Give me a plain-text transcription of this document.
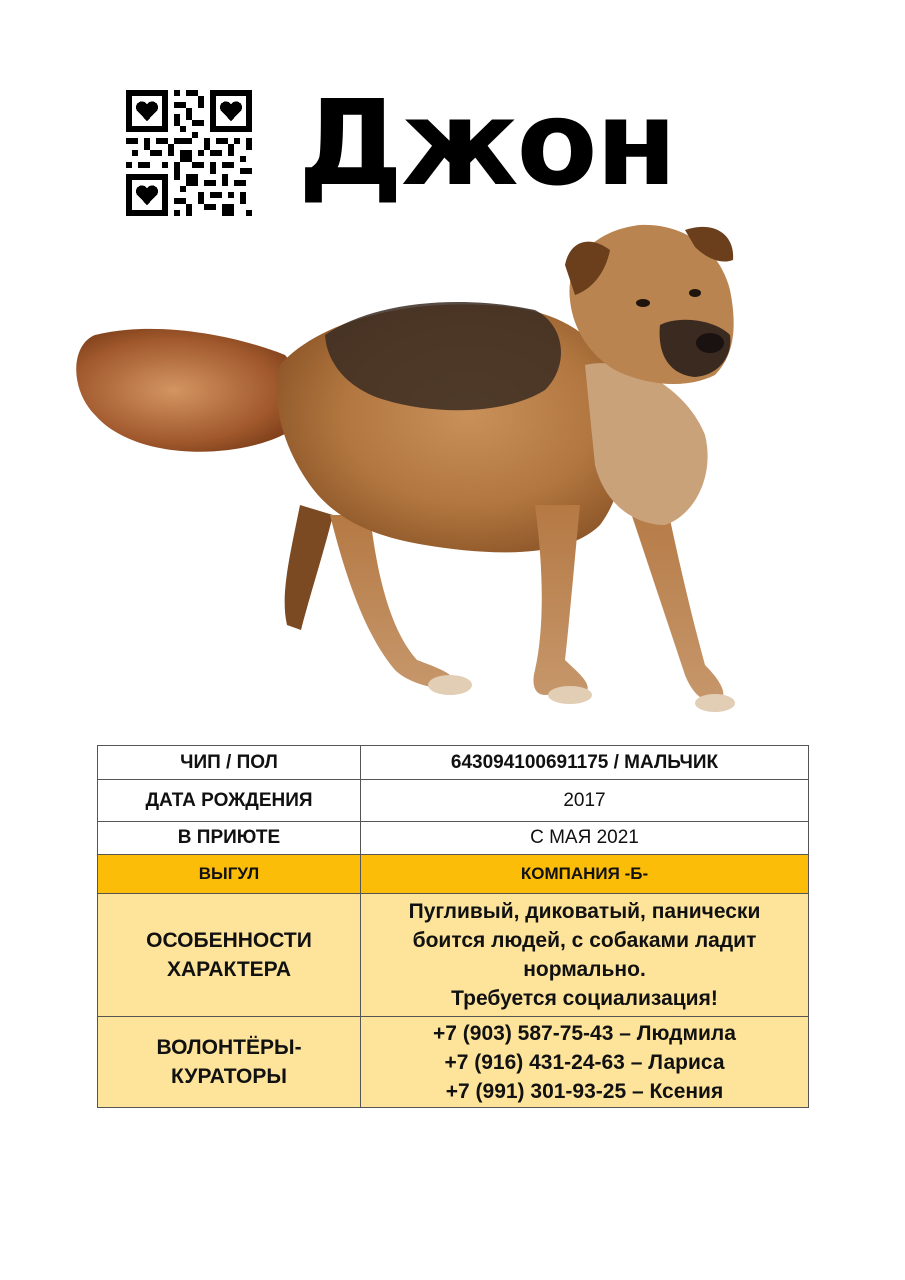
Джон
ЧИП / ПОЛ	643094100691175 / МАЛЬЧИК
ДАТА РОЖДЕНИЯ	2017
В ПРИЮТЕ	С МАЯ 2021
ВЫГУЛ	КОМПАНИЯ -Б-

ОСОБЕННОСТИ
ХАРАКТЕРА	Пугливый, диковатый, панически
боится людей, с собаками ладит
нормально.
Требуется социализация!

ВОЛОНТЁРЫ-
КУРАТОРЫ	+7 (903) 587-75-43 – Людмила
+7 (916) 431-24-63 – Лариса
+7 (991) 301-93-25 – Ксения
